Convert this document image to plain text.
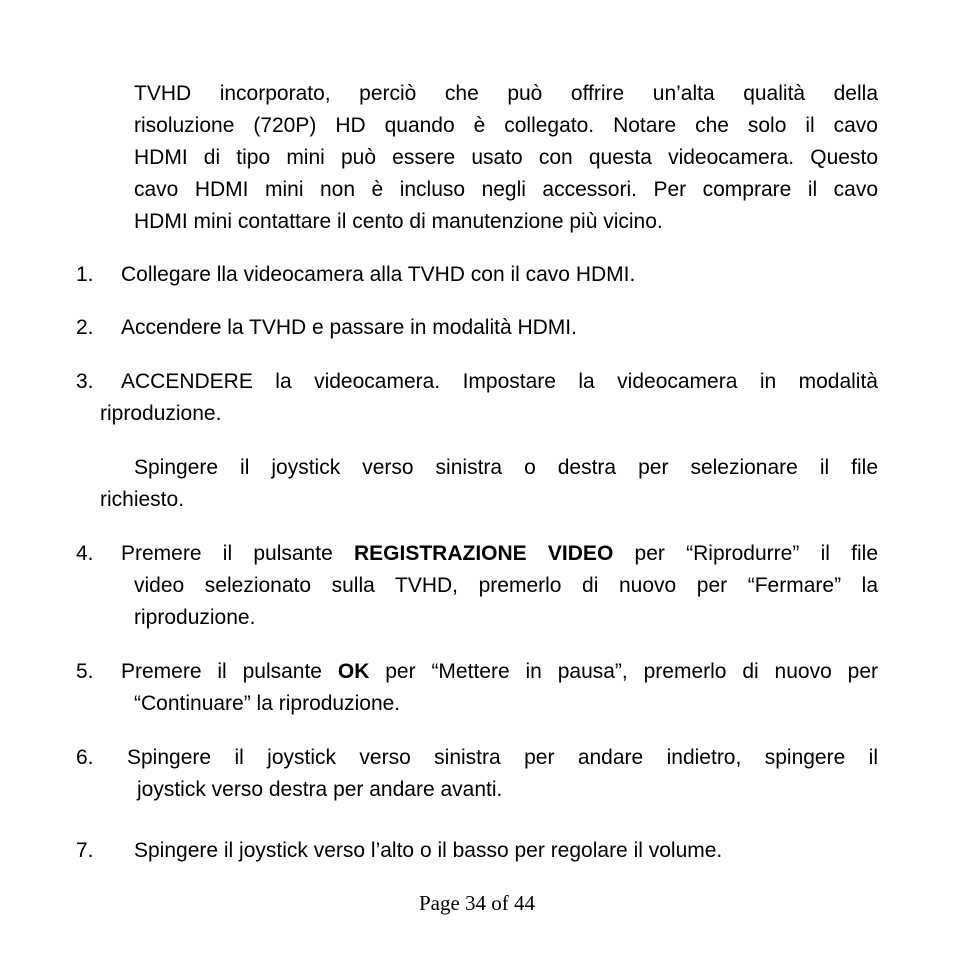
TVHD incorporato, perciò che può offrire un’alta qualità della
risoluzione (720P) HD quando è collegato. Notare che solo il cavo
HDMI di tipo mini può essere usato con questa videocamera. Questo
cavo HDMI mini non è incluso negli accessori. Per comprare il cavo
HDMI mini contattare il cento di manutenzione più vicino.
1.	Collegare lla videocamera alla TVHD con il cavo HDMI.
2.	Accendere la TVHD e passare in modalità HDMI.
3.	ACCENDERE la videocamera. Impostare la videocamera in modalità
riproduzione.
Spingere il joystick verso sinistra o destra per selezionare il file
richiesto.
4.	Premere il pulsante REGISTRAZIONE VIDEO per “Riprodurre” il file
video selezionato sulla TVHD, premerlo di nuovo per “Fermare” la
riproduzione.
5.	Premere il pulsante OK per “Mettere in pausa”, premerlo di nuovo per
“Continuare” la riproduzione.
6.	Spingere il joystick verso sinistra per andare indietro, spingere il
joystick verso destra per andare avanti.
7.	Spingere il joystick verso l’alto o il basso per regolare il volume.
Page 34 of 44
